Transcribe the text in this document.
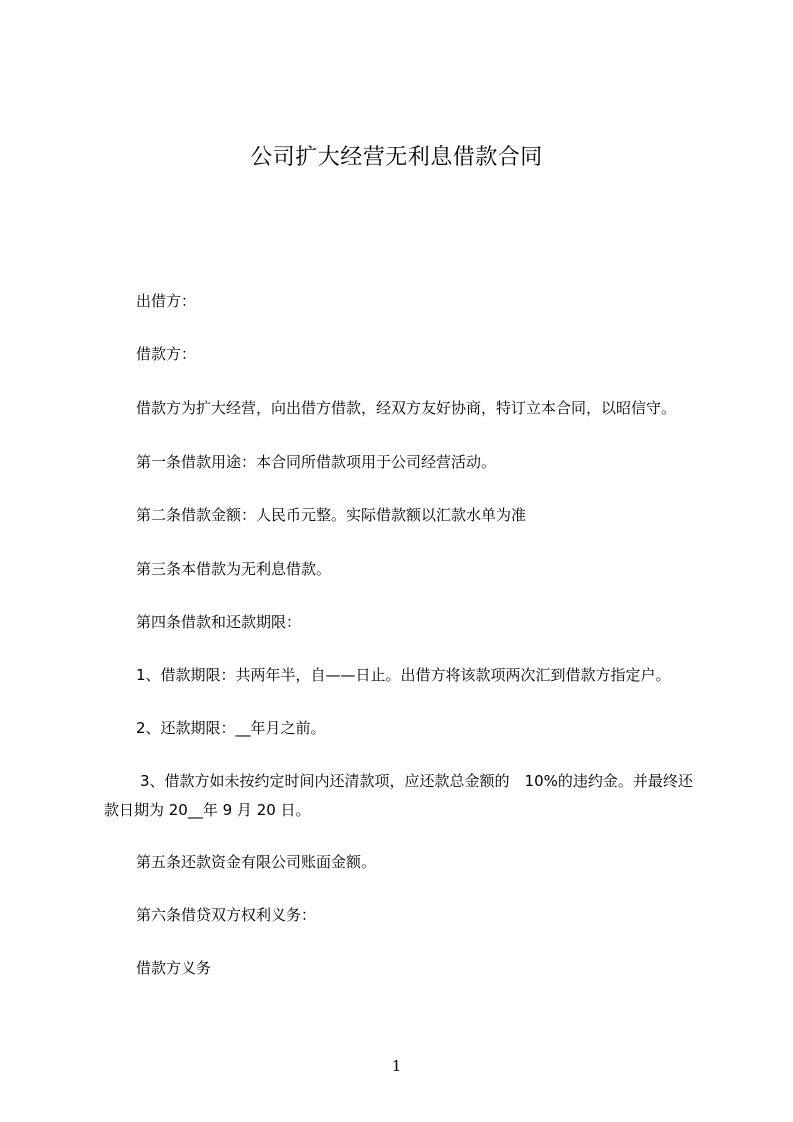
公司扩大经营无利息借款合同
出借方：
借款方：
借款方为扩大经营，向出借方借款，经双方友好协商，特订立本合同，以昭信守。
第一条借款用途：本合同所借款项用于公司经营活动。
第二条借款金额：人民币元整。实际借款额以汇款水单为准
第三条本借款为无利息借款。
第四条借款和还款期限：
1、借款期限：共两年半，自——日止。出借方将该款项两次汇到借款方指定户。
2、还款期限：__年月之前。
3、借款方如未按约定时间内还清款项，应还款总金额的　10%的违约金。并最终还款日期为 20__年 9 月 20 日。
第五条还款资金有限公司账面金额。
第六条借贷双方权利义务：
借款方义务
1
